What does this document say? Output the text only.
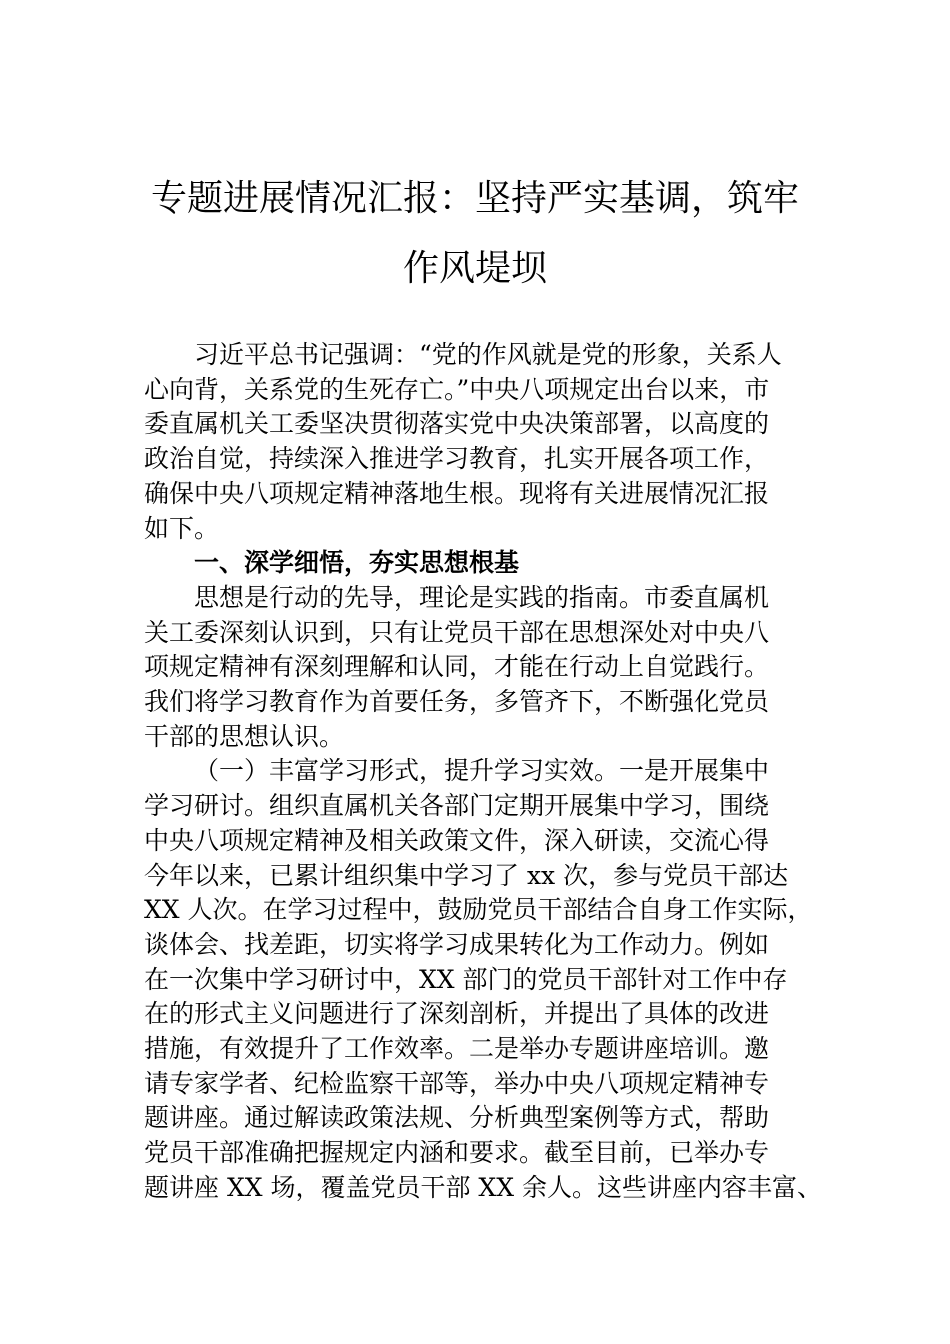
专题进展情况汇报：坚持严实基调，筑牢
作风堤坝
习近平总书记强调：“党的作风就是党的形象，关系人
心向背，关系党的生死存亡。”中央八项规定出台以来，市
委直属机关工委坚决贯彻落实党中央决策部署，以高度的
政治自觉，持续深入推进学习教育，扎实开展各项工作，
确保中央八项规定精神落地生根。现将有关进展情况汇报
如下。
一、深学细悟，夯实思想根基
思想是行动的先导，理论是实践的指南。市委直属机
关工委深刻认识到，只有让党员干部在思想深处对中央八
项规定精神有深刻理解和认同，才能在行动上自觉践行。
我们将学习教育作为首要任务，多管齐下，不断强化党员
干部的思想认识。
（一）丰富学习形式，提升学习实效。一是开展集中
学习研讨。组织直属机关各部门定期开展集中学习，围绕
中央八项规定精神及相关政策文件，深入研读，交流心得
今年以来，已累计组织集中学习了 xx 次，参与党员干部达
XX 人次。在学习过程中，鼓励党员干部结合自身工作实际，
谈体会、找差距，切实将学习成果转化为工作动力。例如
在一次集中学习研讨中，XX 部门的党员干部针对工作中存
在的形式主义问题进行了深刻剖析，并提出了具体的改进
措施，有效提升了工作效率。二是举办专题讲座培训。邀
请专家学者、纪检监察干部等，举办中央八项规定精神专
题讲座。通过解读政策法规、分析典型案例等方式，帮助
党员干部准确把握规定内涵和要求。截至目前，已举办专
题讲座 XX 场，覆盖党员干部 XX 余人。这些讲座内容丰富、
